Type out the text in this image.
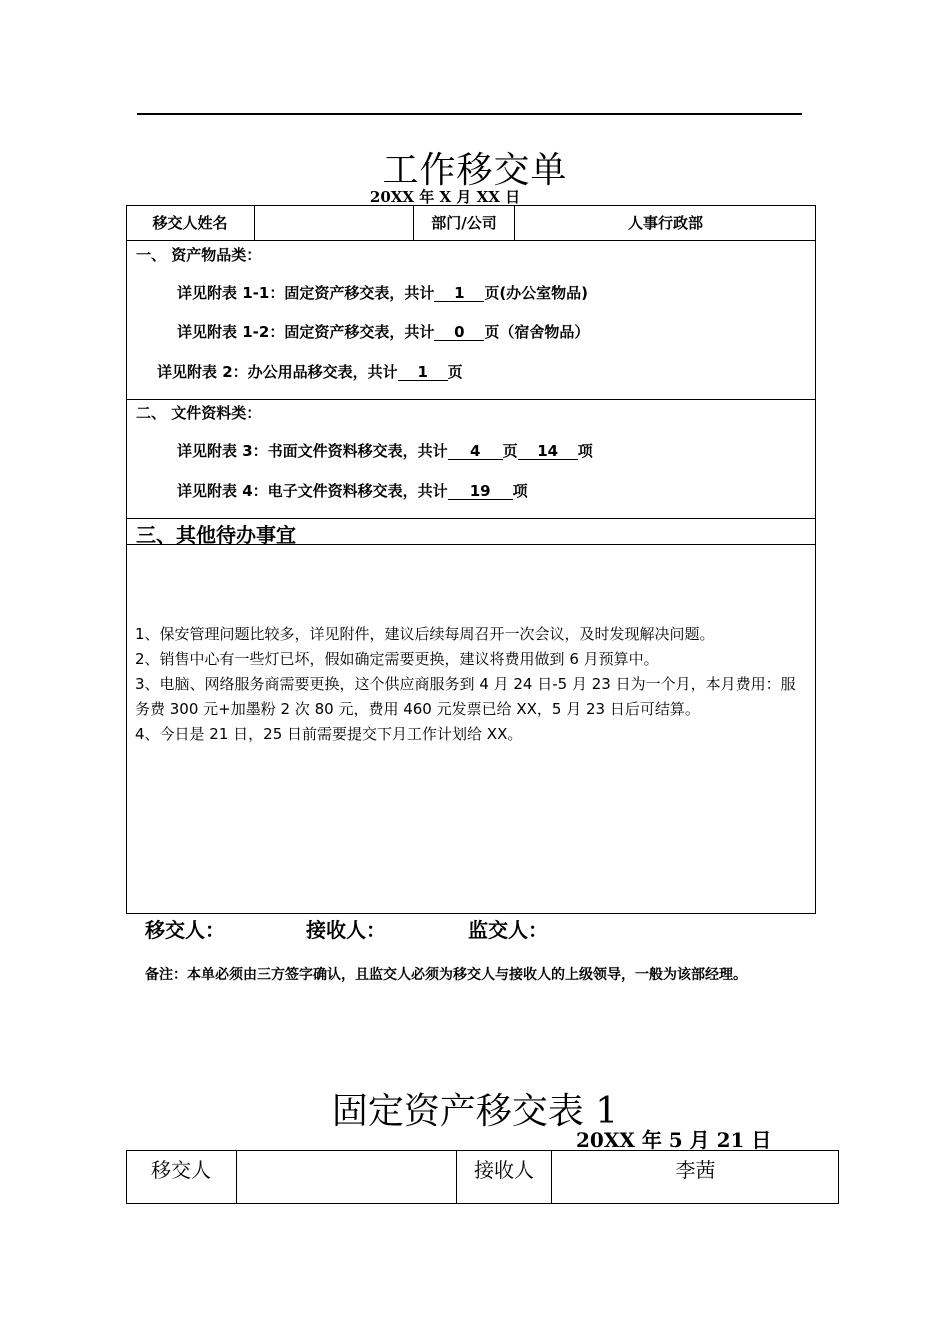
工作移交单
20XX 年 X 月 XX 日
移交人姓名	部门/公司	人事行政部
一、 资产物品类：
详见附表 1-1：固定资产移交表，共计 1 页(办公室物品)
详见附表 1-2：固定资产移交表，共计 0 页（宿舍物品）
详见附表 2：办公用品移交表，共计 1 页
二、 文件资料类：
详见附表 3：书面文件资料移交表，共计 4 页 14 项
详见附表 4：电子文件资料移交表，共计 19 项
三、其他待办事宜
1、保安管理问题比较多，详见附件，建议后续每周召开一次会议，及时发现解决问题。
2、销售中心有一些灯已坏，假如确定需要更换，建议将费用做到 6 月预算中。
3、电脑、网络服务商需要更换，这个供应商服务到 4 月 24 日-5 月 23 日为一个月，本月费用：服务费 300 元+加墨粉 2 次 80 元，费用 460 元发票已给 XX，5 月 23 日后可结算。
4、今日是 21 日，25 日前需要提交下月工作计划给 XX。
移交人：	接收人：	监交人：
备注：本单必须由三方签字确认，且监交人必须为移交人与接收人的上级领导，一般为该部经理。
固定资产移交表 1
20XX 年 5 月 21 日
移交人	接收人	李茜
